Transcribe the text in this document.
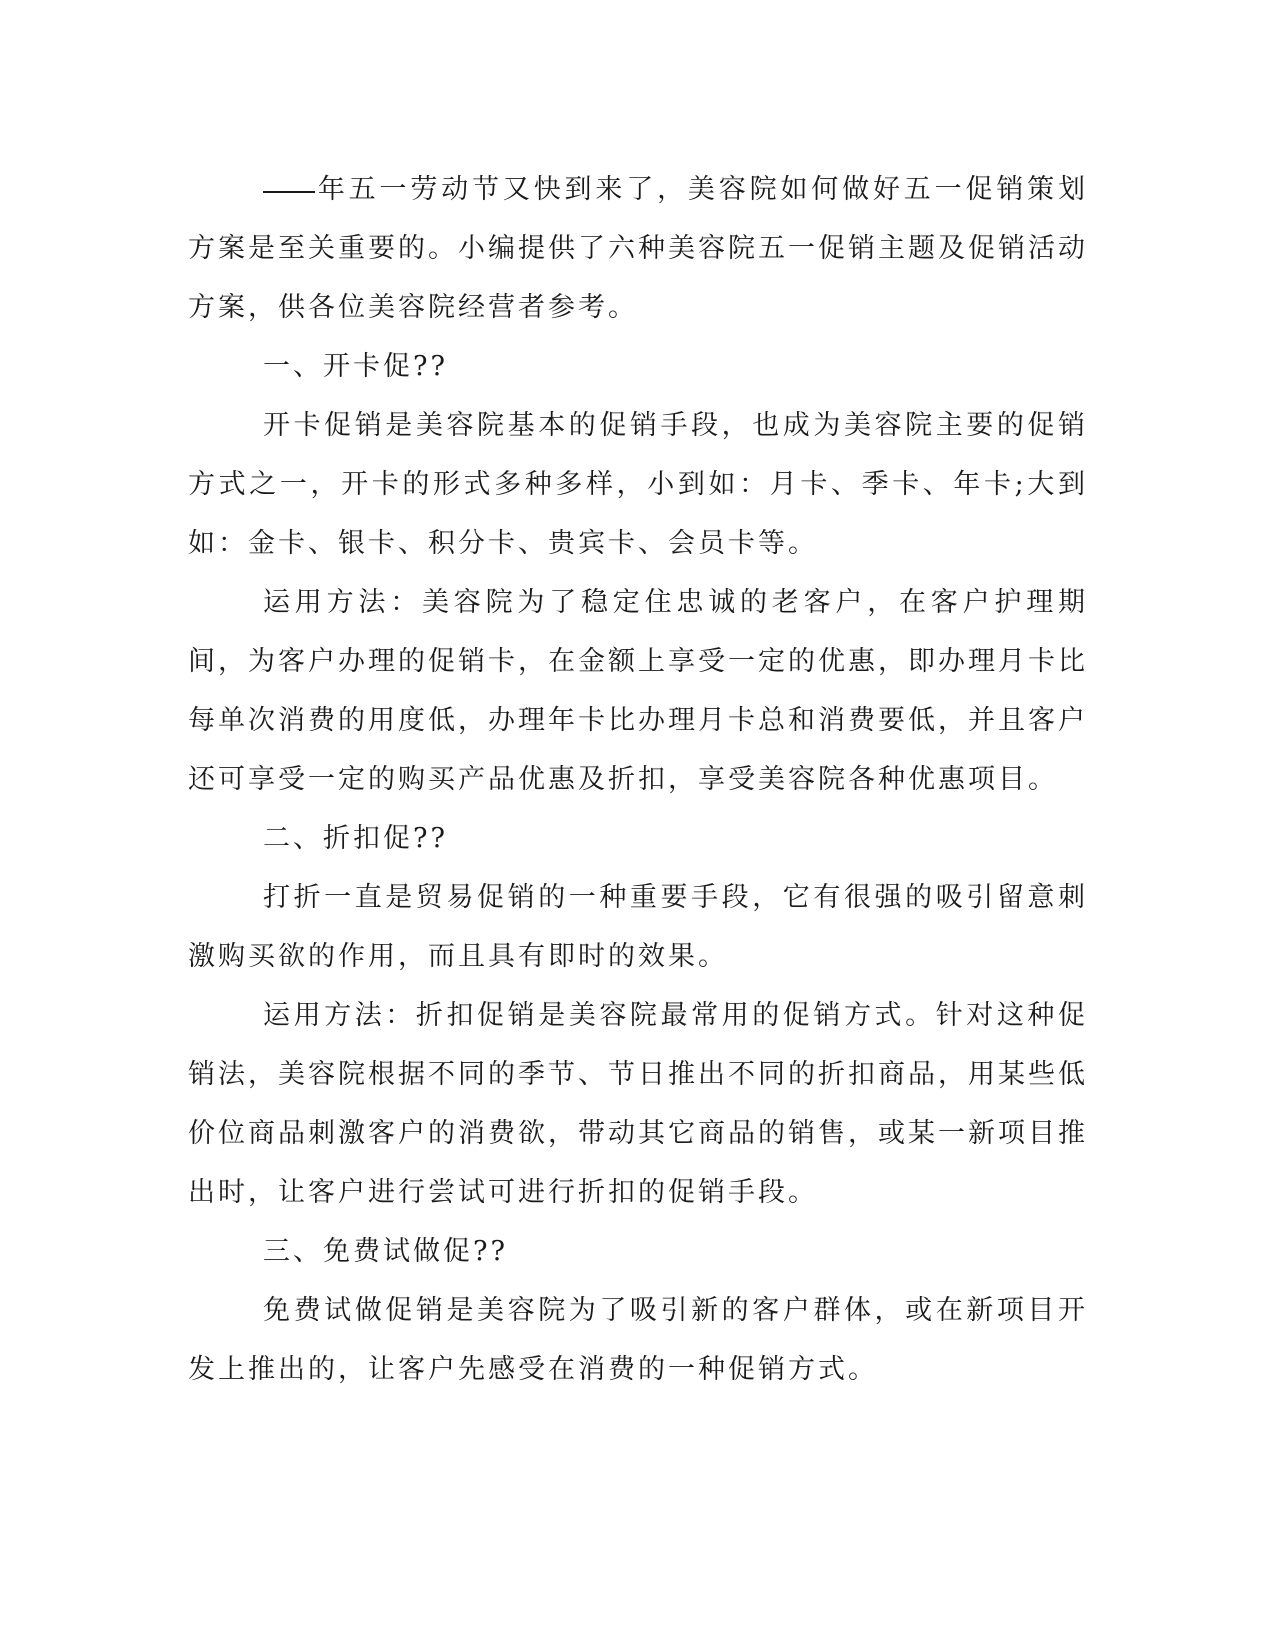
年五一劳动节又快到来了，美容院如何做好五一促销策划方案是至关重要的。小编提供了六种美容院五一促销主题及促销活动方案，供各位美容院经营者参考。

一、开卡促??

开卡促销是美容院基本的促销手段，也成为美容院主要的促销方式之一，开卡的形式多种多样，小到如：月卡、季卡、年卡;大到如：金卡、银卡、积分卡、贵宾卡、会员卡等。

运用方法：美容院为了稳定住忠诚的老客户，在客户护理期间，为客户办理的促销卡，在金额上享受一定的优惠，即办理月卡比每单次消费的用度低，办理年卡比办理月卡总和消费要低，并且客户还可享受一定的购买产品优惠及折扣，享受美容院各种优惠项目。

二、折扣促??

打折一直是贸易促销的一种重要手段，它有很强的吸引留意刺激购买欲的作用，而且具有即时的效果。

运用方法：折扣促销是美容院最常用的促销方式。针对这种促销法，美容院根据不同的季节、节日推出不同的折扣商品，用某些低价位商品刺激客户的消费欲，带动其它商品的销售，或某一新项目推出时，让客户进行尝试可进行折扣的促销手段。

三、免费试做促??

免费试做促销是美容院为了吸引新的客户群体，或在新项目开发上推出的，让客户先感受在消费的一种促销方式。
